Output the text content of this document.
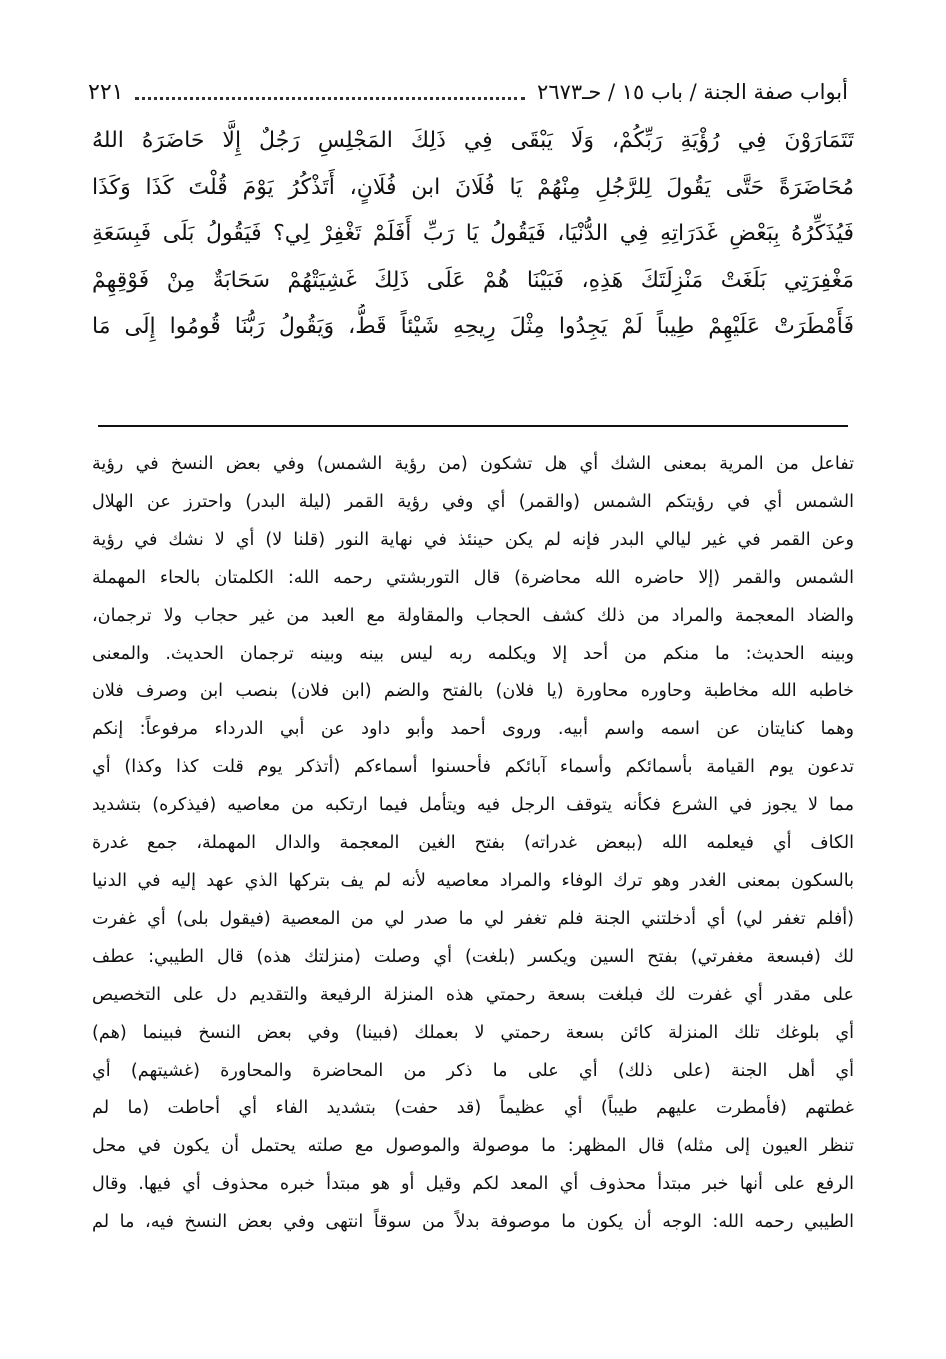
أبواب صفة الجنة / باب ١٥ / حـ٢٦٧٣
٢٢١
تَتَمَارَوْنَ فِي رُؤْيَةِ رَبِّكُمْ، وَلَا يَبْقَى فِي ذَلِكَ المَجْلِسِ رَجُلٌ إِلَّا حَاضَرَهُ اللهُ
مُحَاضَرَةً حَتَّى يَقُولَ لِلرَّجُلِ مِنْهُمْ يَا فُلَانَ ابن فُلَانٍ، أَتَذْكُرُ يَوْمَ قُلْتَ كَذَا وَكَذَا
فَيُذَكِّرُهُ بِبَعْضِ غَدَرَاتِهِ فِي الدُّنْيَا، فَيَقُولُ يَا رَبِّ أَفَلَمْ تَغْفِرْ لِي؟ فَيَقُولُ بَلَى فَبِسَعَةِ
مَغْفِرَتِي بَلَغَتْ مَنْزِلَتَكَ هَذِهِ، فَبَيْنَا هُمْ عَلَى ذَلِكَ غَشِيَتْهُمْ سَحَابَةٌ مِنْ فَوْقِهِمْ
فَأَمْطَرَتْ عَلَيْهِمْ طِيباً لَمْ يَجِدُوا مِثْلَ رِيحِهِ شَيْئاً قَطُّ، وَيَقُولُ رَبُّنَا قُومُوا إِلَى مَا
تفاعل من المرية بمعنى الشك أي هل تشكون (من رؤية الشمس) وفي بعض النسخ في رؤية
الشمس أي في رؤيتكم الشمس (والقمر) أي وفي رؤية القمر (ليلة البدر) واحترز عن الهلال
وعن القمر في غير ليالي البدر فإنه لم يكن حينئذ في نهاية النور (قلنا لا) أي لا نشك في رؤية
الشمس والقمر (إلا حاضره الله محاضرة) قال التوربشتي رحمه الله: الكلمتان بالحاء المهملة
والضاد المعجمة والمراد من ذلك كشف الحجاب والمقاولة مع العبد من غير حجاب ولا ترجمان،
وبينه الحديث: ما منكم من أحد إلا ويكلمه ربه ليس بينه وبينه ترجمان الحديث. والمعنى
خاطبه الله مخاطبة وحاوره محاورة (يا فلان) بالفتح والضم (ابن فلان) بنصب ابن وصرف فلان
وهما كنايتان عن اسمه واسم أبيه. وروى أحمد وأبو داود عن أبي الدرداء مرفوعاً: إنكم
تدعون يوم القيامة بأسمائكم وأسماء آبائكم فأحسنوا أسماءكم (أتذكر يوم قلت كذا وكذا) أي
مما لا يجوز في الشرع فكأنه يتوقف الرجل فيه ويتأمل فيما ارتكبه من معاصيه (فيذكره) بتشديد
الكاف أي فيعلمه الله (ببعض غدراته) بفتح الغين المعجمة والدال المهملة، جمع غدرة
بالسكون بمعنى الغدر وهو ترك الوفاء والمراد معاصيه لأنه لم يف بتركها الذي عهد إليه في الدنيا
(أفلم تغفر لي) أي أدخلتني الجنة فلم تغفر لي ما صدر لي من المعصية (فيقول بلى) أي غفرت
لك (فبسعة مغفرتي) بفتح السين ويكسر (بلغت) أي وصلت (منزلتك هذه) قال الطيبي: عطف
على مقدر أي غفرت لك فبلغت بسعة رحمتي هذه المنزلة الرفيعة والتقديم دل على التخصيص
أي بلوغك تلك المنزلة كائن بسعة رحمتي لا بعملك (فبينا) وفي بعض النسخ فبينما (هم)
أي أهل الجنة (على ذلك) أي على ما ذكر من المحاضرة والمحاورة (غشيتهم) أي
غطتهم (فأمطرت عليهم طيباً) أي عظيماً (قد حفت) بتشديد الفاء أي أحاطت (ما لم
تنظر العيون إلى مثله) قال المظهر: ما موصولة والموصول مع صلته يحتمل أن يكون في محل
الرفع على أنها خبر مبتدأ محذوف أي المعد لكم وقيل أو هو مبتدأ خبره محذوف أي فيها. وقال
الطيبي رحمه الله: الوجه أن يكون ما موصوفة بدلاً من سوقاً انتهى وفي بعض النسخ فيه، ما لم
